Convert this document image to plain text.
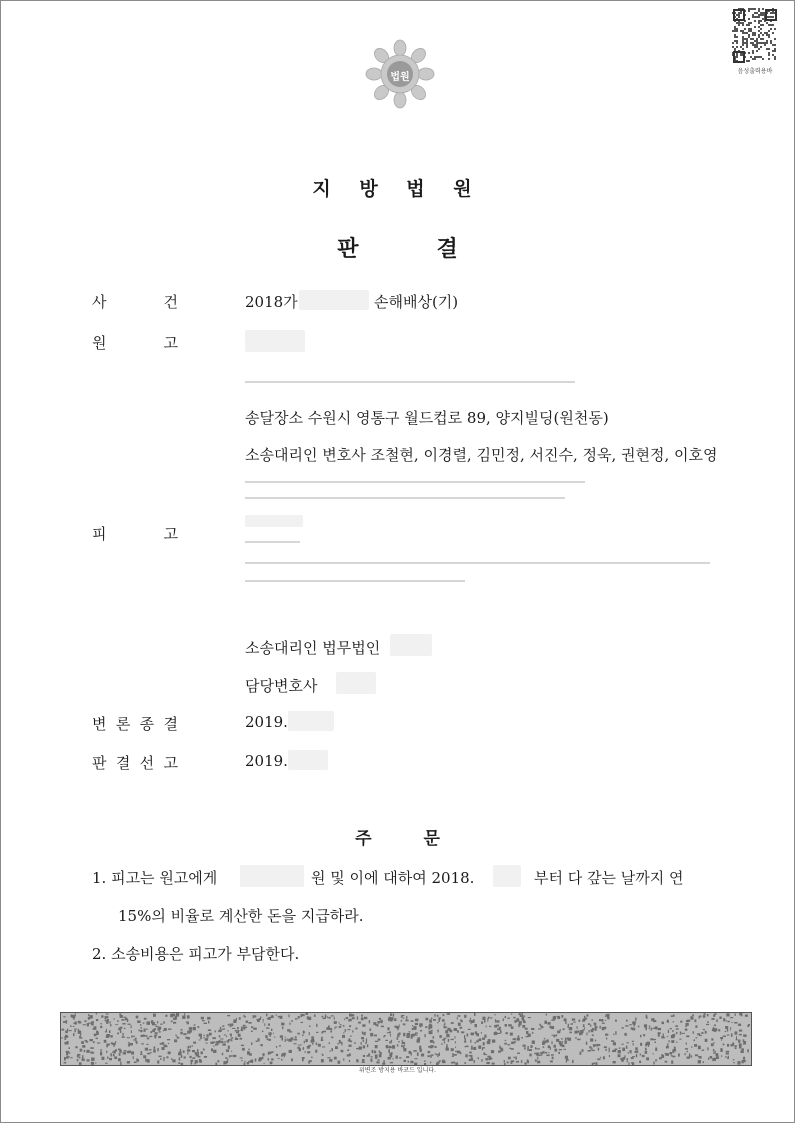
법원
음성출력용바
지 방 법 원
판결
사	건	2018가	손해배상(기)
원	고
송달장소 수원시 영통구 월드컵로 89, 양지빌딩(원천동)
소송대리인 변호사 조철현, 이경렬, 김민정, 서진수, 정욱, 권현정, 이호영
피	고
소송대리인 법무법인
담당변호사
변 론 종 결	2019.
판 결 선 고	2019.
주문
1. 피고는 원고에게	원 및 이에 대하여 2018.	부터 다 갚는 날까지 연
15%의 비율로 계산한 돈을 지급하라.
2. 소송비용은 피고가 부담한다.
위변조 방지용 바코드 입니다.
